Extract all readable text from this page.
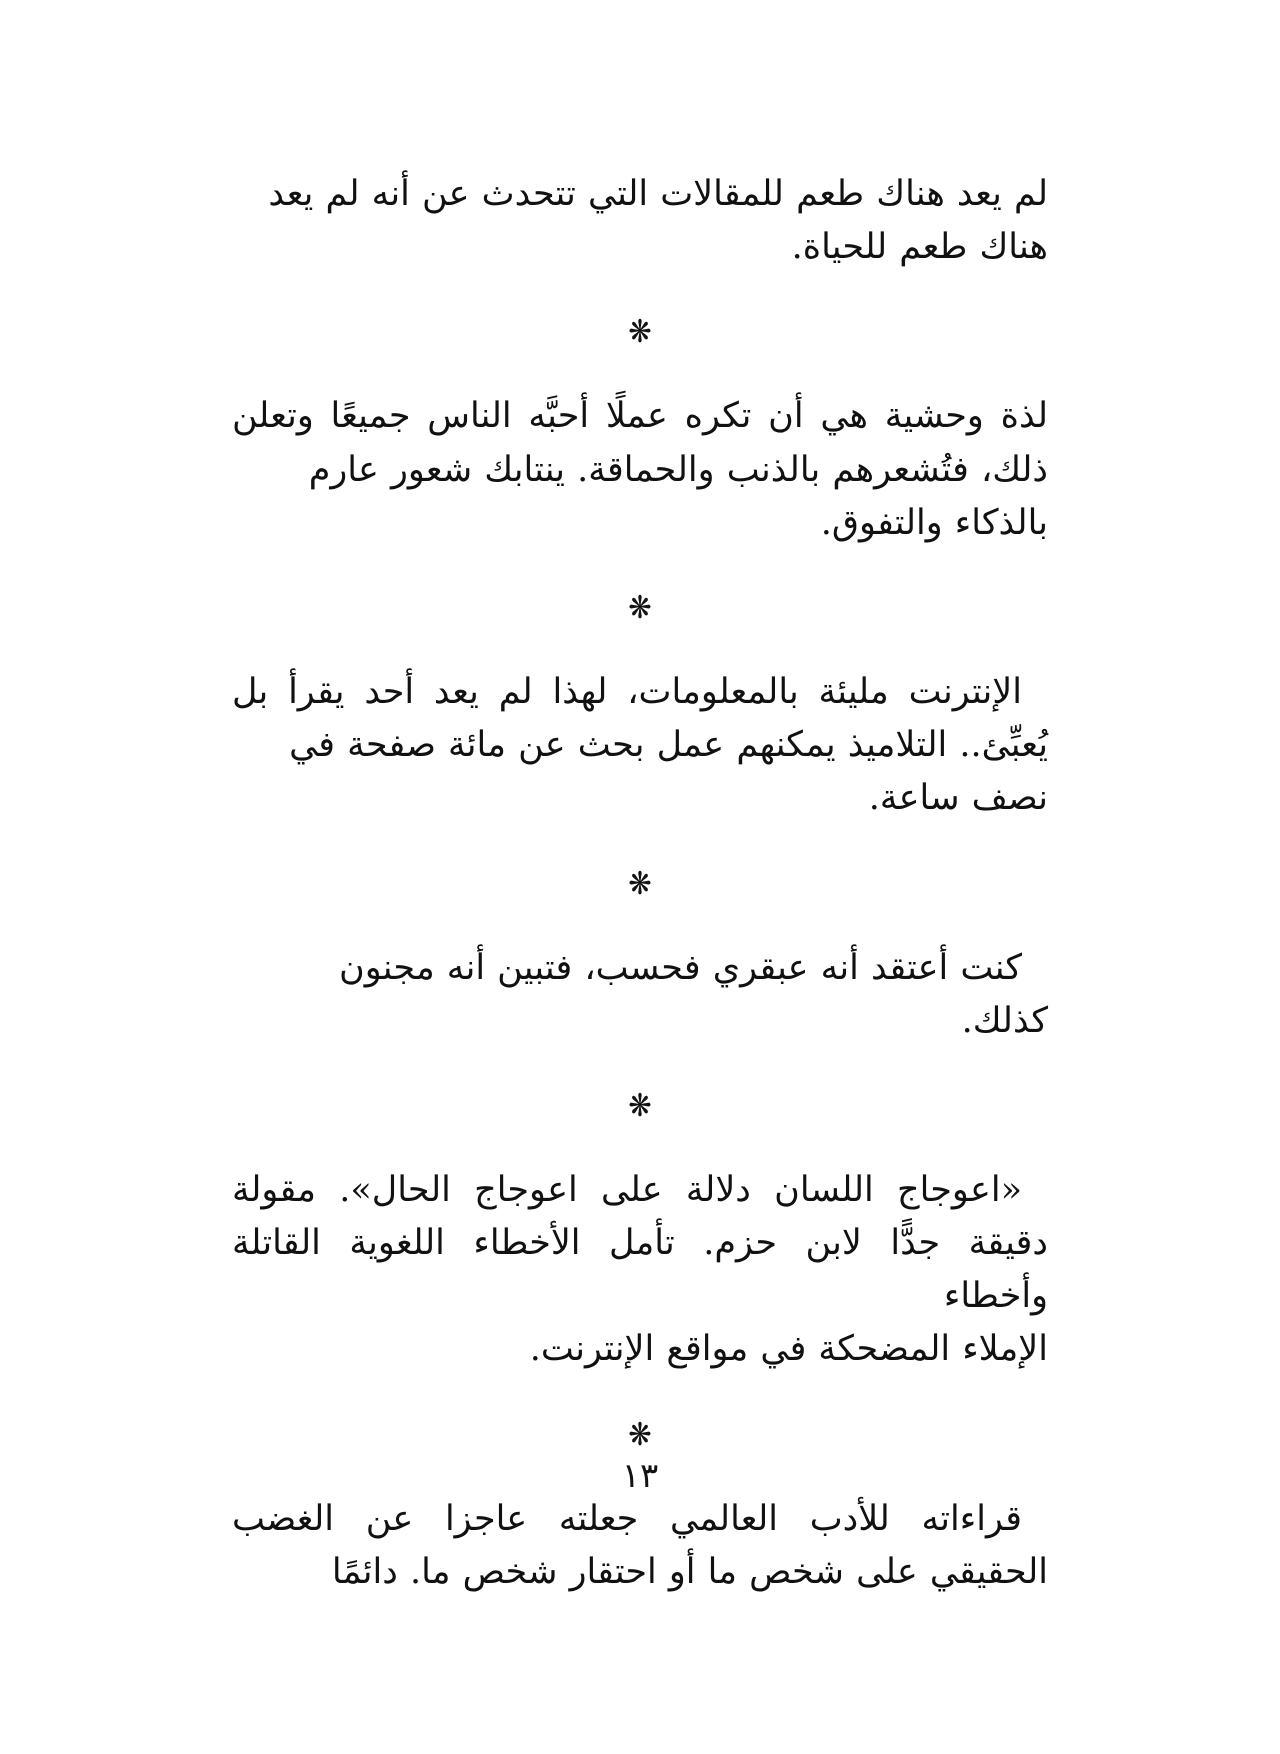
لم يعد هناك طعم للمقالات التي تتحدث عن أنه لم يعد
هناك طعم للحياة.

❋

لذة وحشية هي أن تكره عملًا أحبَّه الناس جميعًا وتعلن ذلك، فتُشعرهم بالذنب والحماقة. ينتابك شعور عارم
بالذكاء والتفوق.

❋

الإنترنت مليئة بالمعلومات، لهذا لم يعد أحد يقرأ بل يُعبِّئ.. التلاميذ يمكنهم عمل بحث عن مائة صفحة في
نصف ساعة.

❋

كنت أعتقد أنه عبقري فحسب، فتبين أنه مجنون
كذلك.

❋

«اعوجاج اللسان دلالة على اعوجاج الحال». مقولة دقيقة جدًّا لابن حزم. تأمل الأخطاء اللغوية القاتلة وأخطاء
الإملاء المضحكة في مواقع الإنترنت.

❋

قراءاته للأدب العالمي جعلته عاجزا عن الغضب الحقيقي على شخص ما أو احتقار شخص ما. دائمًا

١٣
